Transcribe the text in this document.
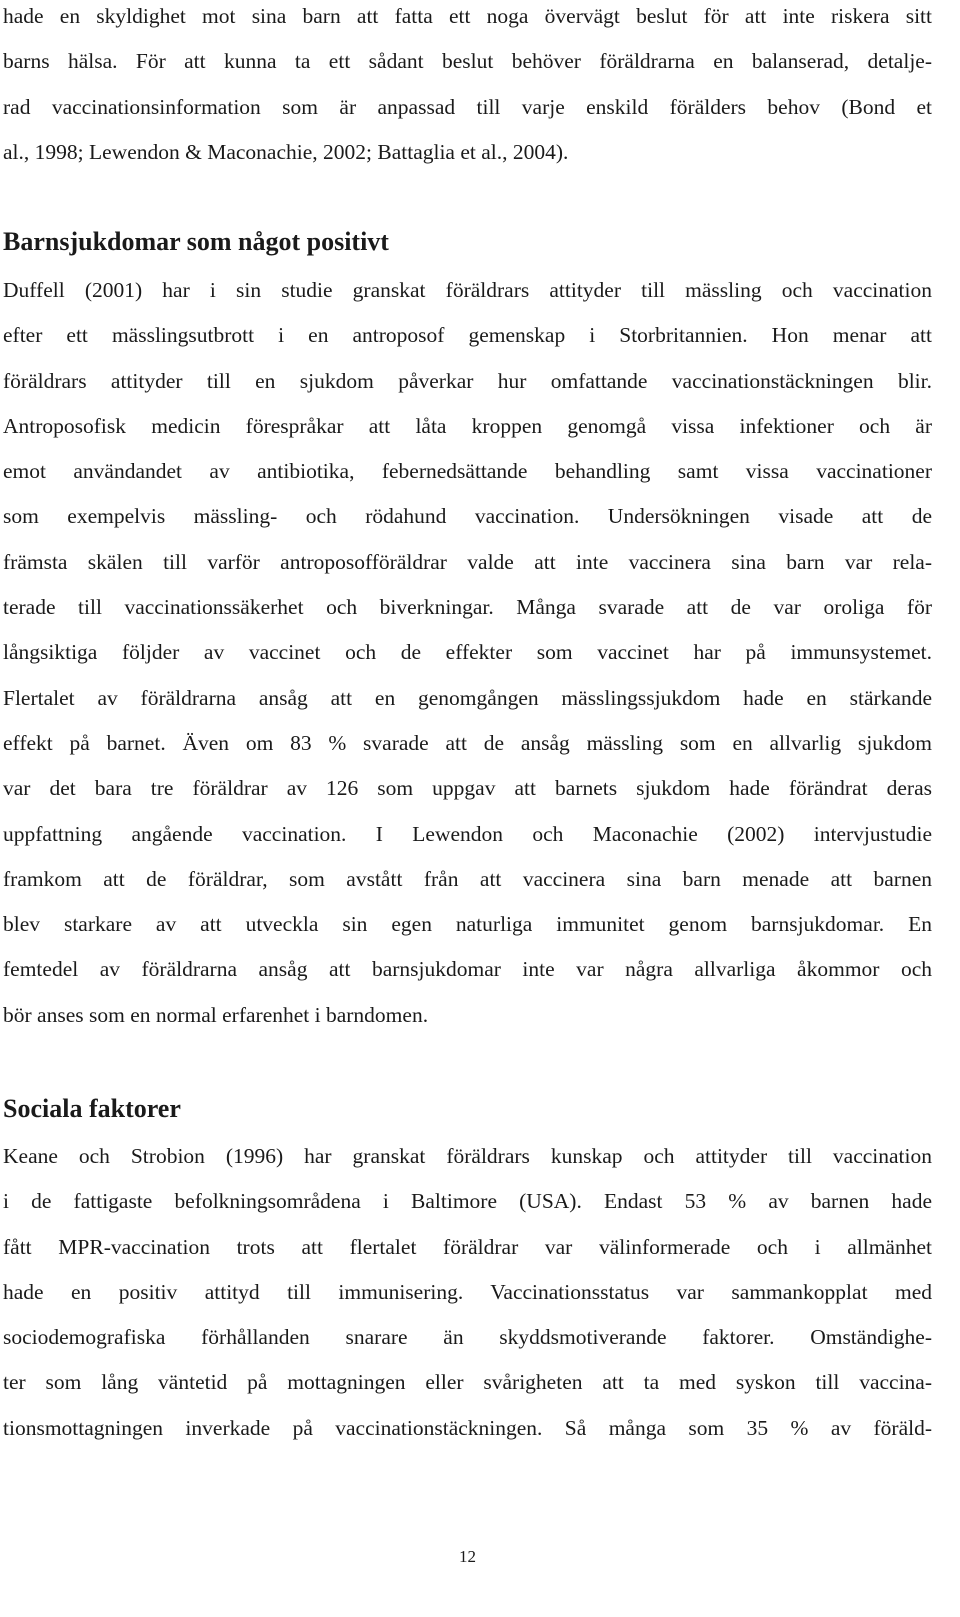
hade en skyldighet mot sina barn att fatta ett noga övervägt beslut för att inte riskera sitt
barns hälsa. För att kunna ta ett sådant beslut behöver föräldrarna en balanserad, detalje-
rad vaccinationsinformation som är anpassad till varje enskild förälders behov (Bond et
al., 1998; Lewendon & Maconachie, 2002; Battaglia et al., 2004).
Barnsjukdomar som något positivt
Duffell (2001) har i sin studie granskat föräldrars attityder till mässling och vaccination
efter ett mässlingsutbrott i en antroposof gemenskap i Storbritannien. Hon menar att
föräldrars attityder till en sjukdom påverkar hur omfattande vaccinationstäckningen blir.
Antroposofisk medicin förespråkar att låta kroppen genomgå vissa infektioner och är
emot användandet av antibiotika, febernedsättande behandling samt vissa vaccinationer
som exempelvis mässling- och rödahund vaccination. Undersökningen visade att de
främsta skälen till varför antroposofföräldrar valde att inte vaccinera sina barn var rela-
terade till vaccinationssäkerhet och biverkningar. Många svarade att de var oroliga för
långsiktiga följder av vaccinet och de effekter som vaccinet har på immunsystemet.
Flertalet av föräldrarna ansåg att en genomgången mässlingssjukdom hade en stärkande
effekt på barnet. Även om 83 % svarade att de ansåg mässling som en allvarlig sjukdom
var det bara tre föräldrar av 126 som uppgav att barnets sjukdom hade förändrat deras
uppfattning angående vaccination. I Lewendon och Maconachie (2002) intervjustudie
framkom att de föräldrar, som avstått från att vaccinera sina barn menade att barnen
blev starkare av att utveckla sin egen naturliga immunitet genom barnsjukdomar. En
femtedel av föräldrarna ansåg att barnsjukdomar inte var några allvarliga åkommor och
bör anses som en normal erfarenhet i barndomen.
Sociala faktorer
Keane och Strobion (1996) har granskat föräldrars kunskap och attityder till vaccination
i de fattigaste befolkningsområdena i Baltimore (USA). Endast 53 % av barnen hade
fått MPR-vaccination trots att flertalet föräldrar var välinformerade och i allmänhet
hade en positiv attityd till immunisering. Vaccinationsstatus var sammankopplat med
sociodemografiska förhållanden snarare än skyddsmotiverande faktorer. Omständighe-
ter som lång väntetid på mottagningen eller svårigheten att ta med syskon till vaccina-
tionsmottagningen inverkade på vaccinationstäckningen. Så många som 35 % av föräld-
12
